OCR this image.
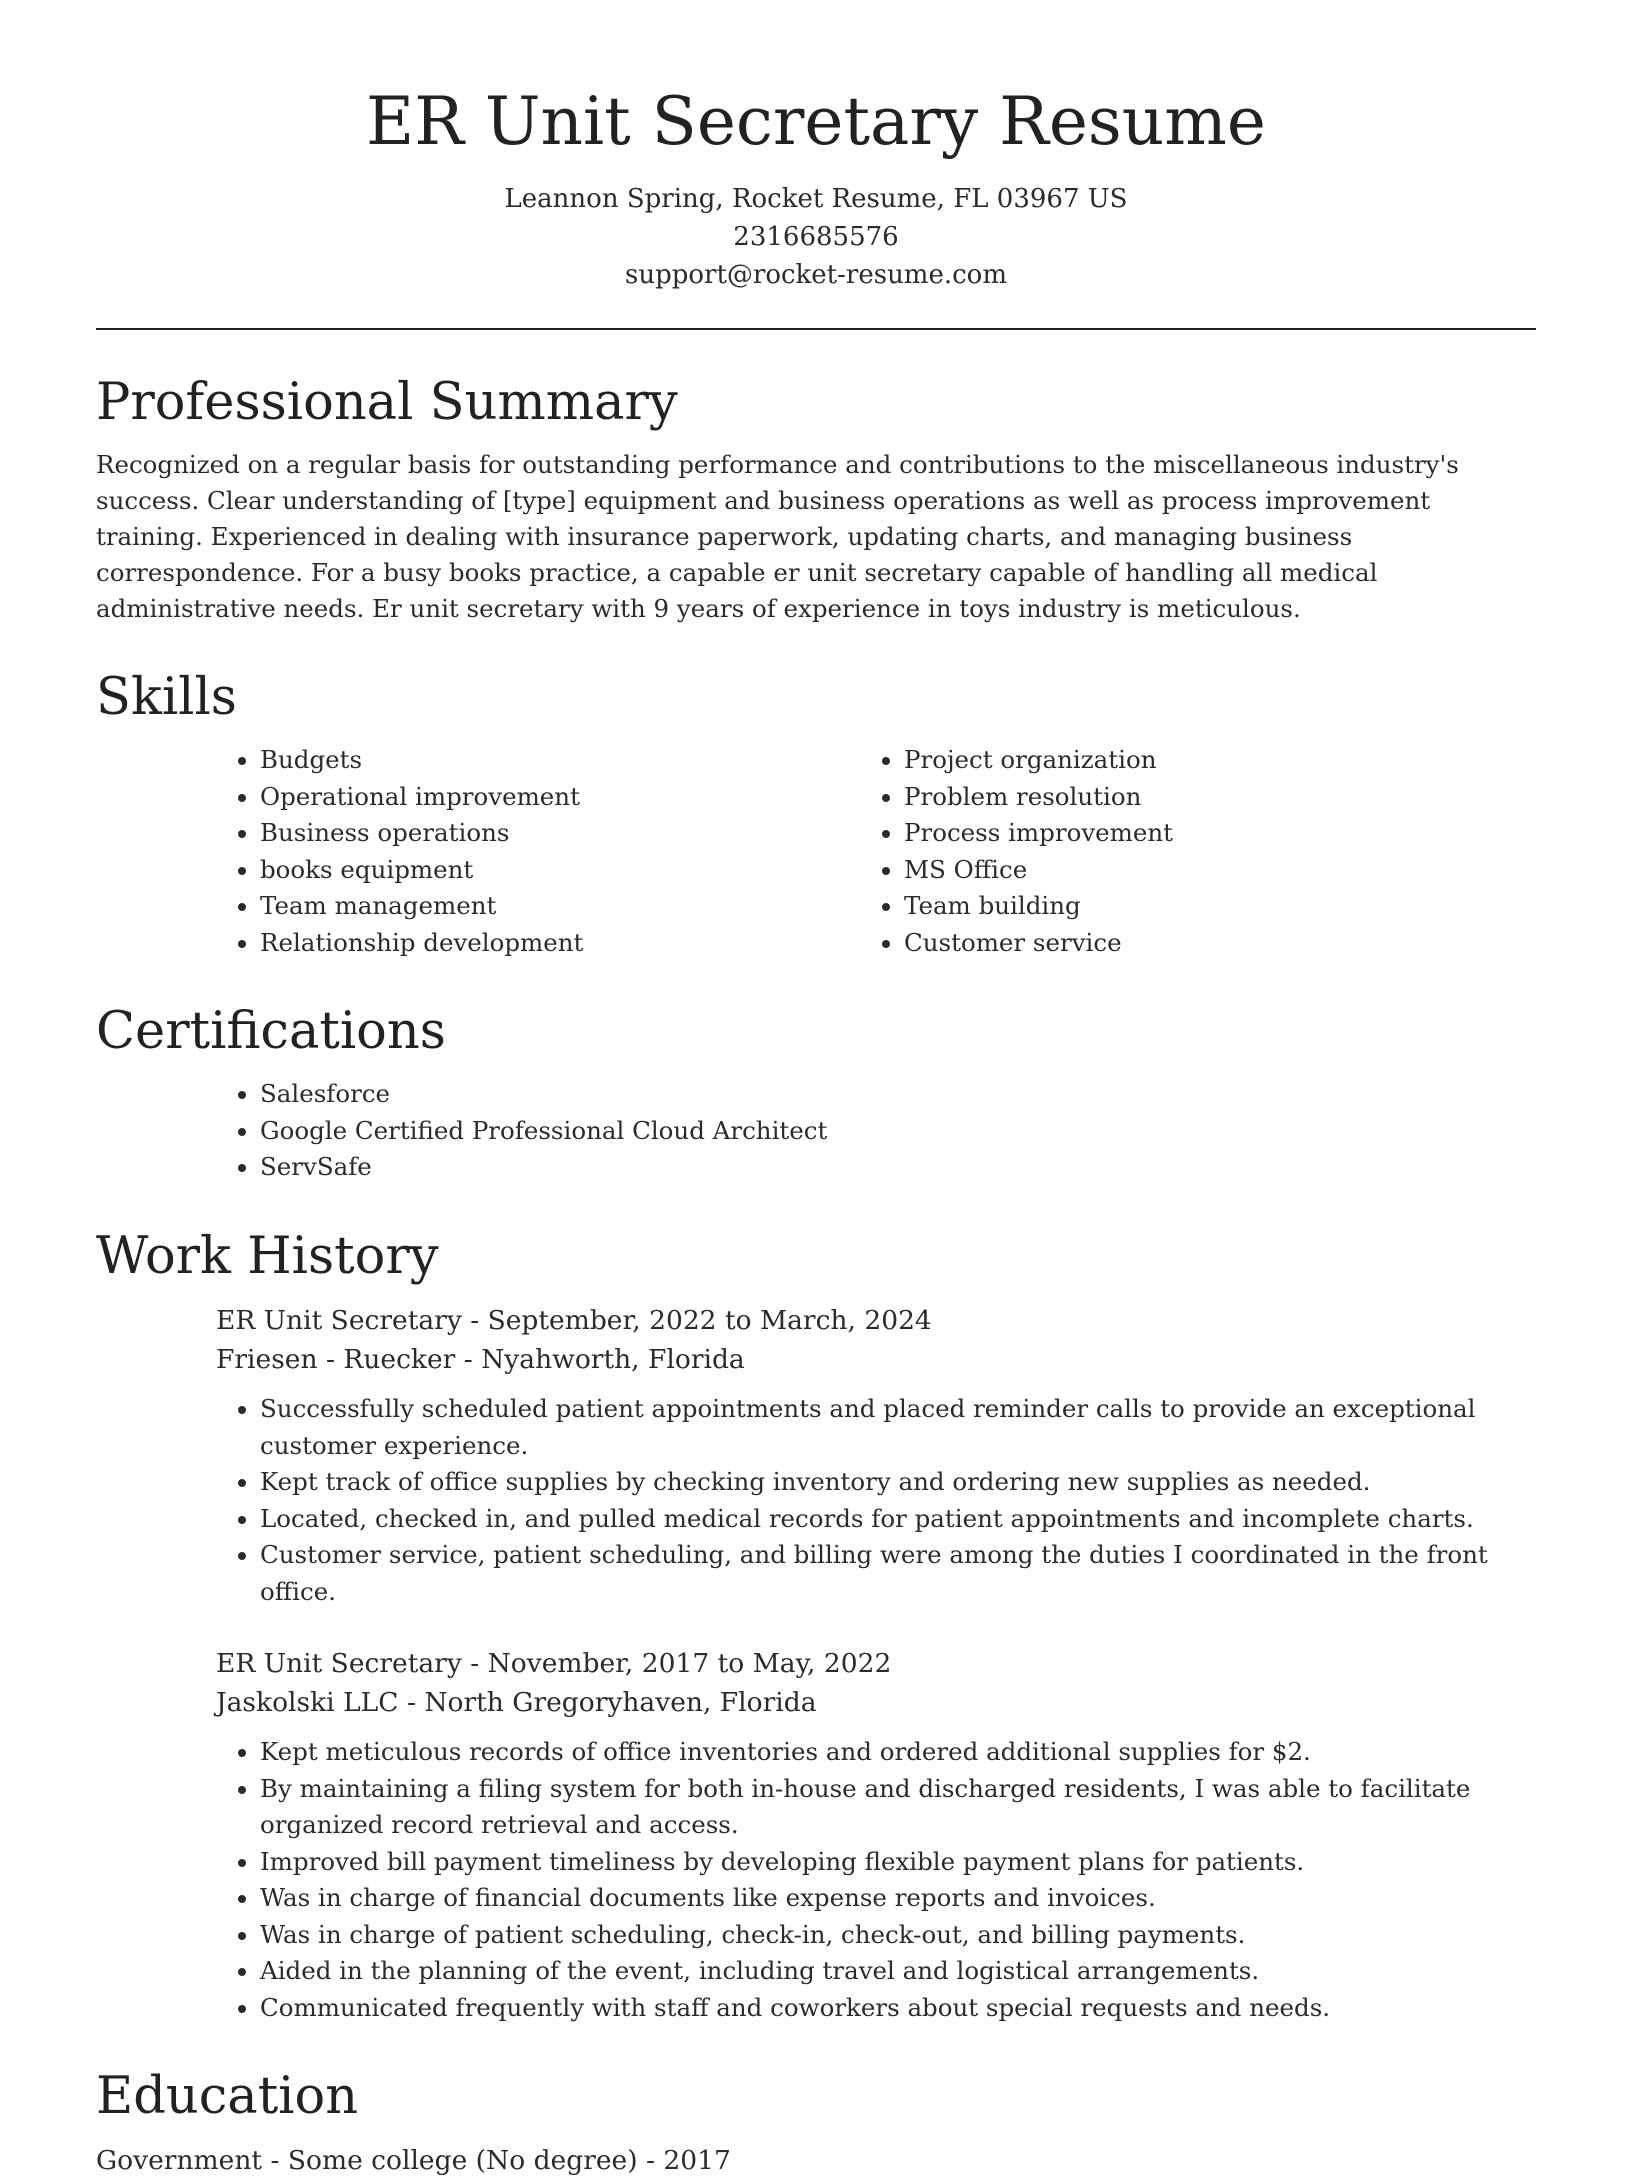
ER Unit Secretary Resume

Leannon Spring, Rocket Resume, FL 03967 US

2316685576

support@rocket-resume.com

Professional Summary

Recognized on a regular basis for outstanding performance and contributions to the miscellaneous industry's success. Clear understanding of [type] equipment and business operations as well as process improvement training. Experienced in dealing with insurance paperwork, updating charts, and managing business correspondence. For a busy books practice, a capable er unit secretary capable of handling all medical administrative needs. Er unit secretary with 9 years of experience in toys industry is meticulous.

Skills
• Budgets
• Operational improvement
• Business operations
• books equipment
• Team management
• Relationship development
• Project organization
• Problem resolution
• Process improvement
• MS Office
• Team building
• Customer service
Certifications
• Salesforce
• Google Certified Professional Cloud Architect
• ServSafe
Work History

ER Unit Secretary - September, 2022 to March, 2024

Friesen - Ruecker - Nyahworth, Florida

• Successfully scheduled patient appointments and placed reminder calls to provide an exceptional customer experience.
• Kept track of office supplies by checking inventory and ordering new supplies as needed.
• Located, checked in, and pulled medical records for patient appointments and incomplete charts.
• Customer service, patient scheduling, and billing were among the duties I coordinated in the front office.

ER Unit Secretary - November, 2017 to May, 2022

Jaskolski LLC - North Gregoryhaven, Florida

• Kept meticulous records of office inventories and ordered additional supplies for $2.
• By maintaining a filing system for both in-house and discharged residents, I was able to facilitate organized record retrieval and access.
• Improved bill payment timeliness by developing flexible payment plans for patients.
• Was in charge of financial documents like expense reports and invoices.
• Was in charge of patient scheduling, check-in, check-out, and billing payments.
• Aided in the planning of the event, including travel and logistical arrangements.
• Communicated frequently with staff and coworkers about special requests and needs.
Education

Government - Some college (No degree) - 2017
